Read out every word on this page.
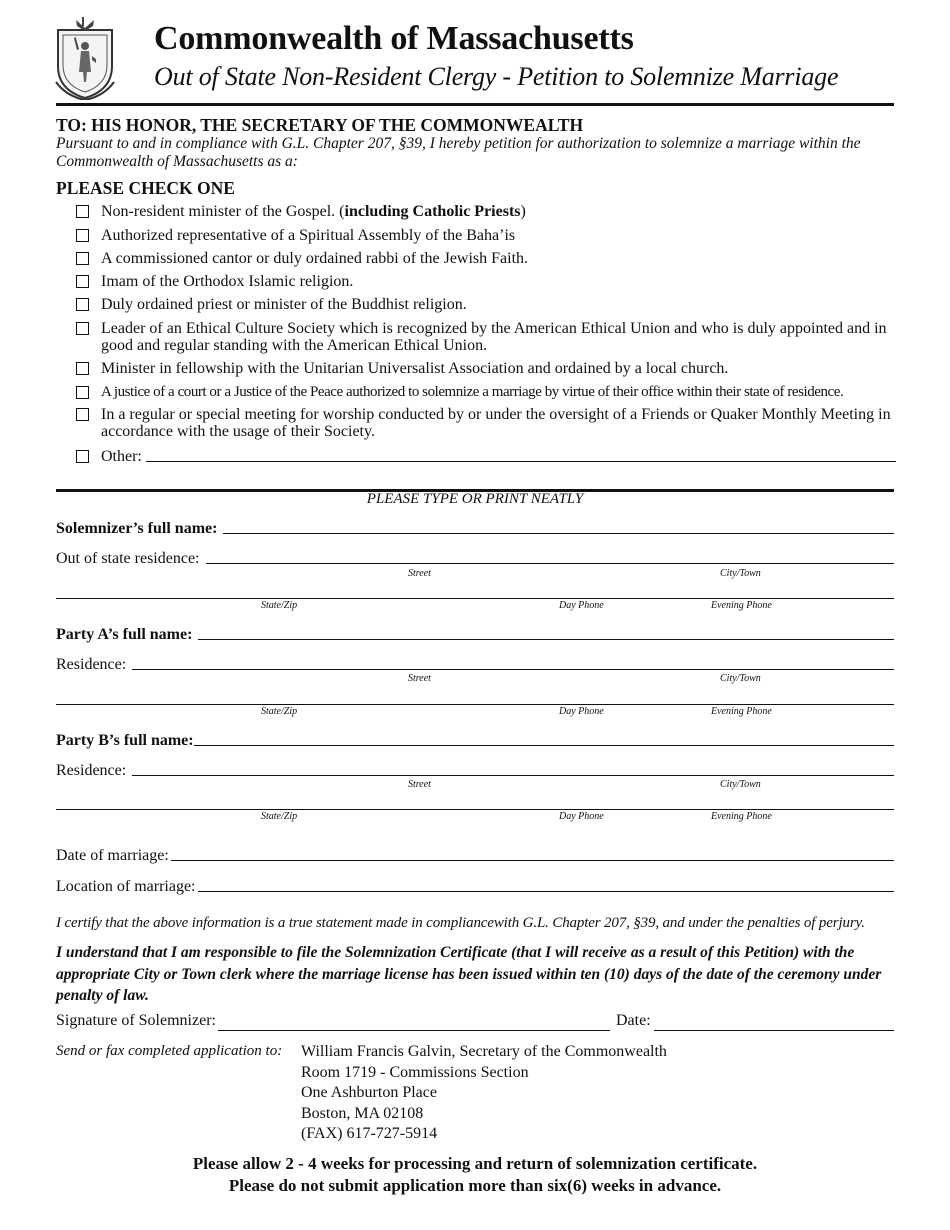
Commonwealth of Massachusetts
Out of State Non-Resident Clergy - Petition to Solemnize Marriage
TO: HIS HONOR, THE SECRETARY OF THE COMMONWEALTH
Pursuant to and in compliance with G.L. Chapter 207, §39, I hereby petition for authorization to solemnize a marriage within the Commonwealth of Massachusetts as a:
PLEASE CHECK ONE
Non-resident minister of the Gospel. (including Catholic Priests)
Authorized representative of a Spiritual Assembly of the Baha’is
A commissioned cantor or duly ordained rabbi of the Jewish Faith.
Imam of the Orthodox Islamic religion.
Duly ordained priest or minister of the Buddhist religion.
Leader of an Ethical Culture Society which is recognized by the American Ethical Union and who is duly appointed and in good and regular standing with the American Ethical Union.
Minister in fellowship with the Unitarian Universalist Association and ordained by a local church.
A justice of a court or a Justice of the Peace authorized to solemnize a marriage by virtue of their office within their state of residence.
In a regular or special meeting for worship conducted by or under the oversight of a Friends or Quaker Monthly Meeting in accordance with the usage of their Society.
Other:
PLEASE TYPE OR PRINT NEATLY
Solemnizer’s full name:
Out of state residence:
Street	City/Town
State/Zip	Day Phone	Evening Phone
Party A’s full name:
Residence:
Street	City/Town
State/Zip	Day Phone	Evening Phone
Party B’s full name:
Residence:
Street	City/Town
State/Zip	Day Phone	Evening Phone
Date of marriage:
Location of marriage:
I certify that the above information is a true statement made in compliancewith G.L. Chapter 207, §39, and under the penalties of perjury.
I understand that I am responsible to file the Solemnization Certificate (that I will receive as a result of this Petition) with the appropriate City or Town clerk where the marriage license has been issued within ten (10) days of the date of the ceremony under penalty of law.
Signature of Solemnizer:	Date:
Send or fax completed application to: William Francis Galvin, Secretary of the Commonwealth
Room 1719 - Commissions Section
One Ashburton Place
Boston, MA 02108
(FAX) 617-727-5914
Please allow 2 - 4 weeks for processing and return of solemnization certificate.
Please do not submit application more than six(6) weeks in advance.
